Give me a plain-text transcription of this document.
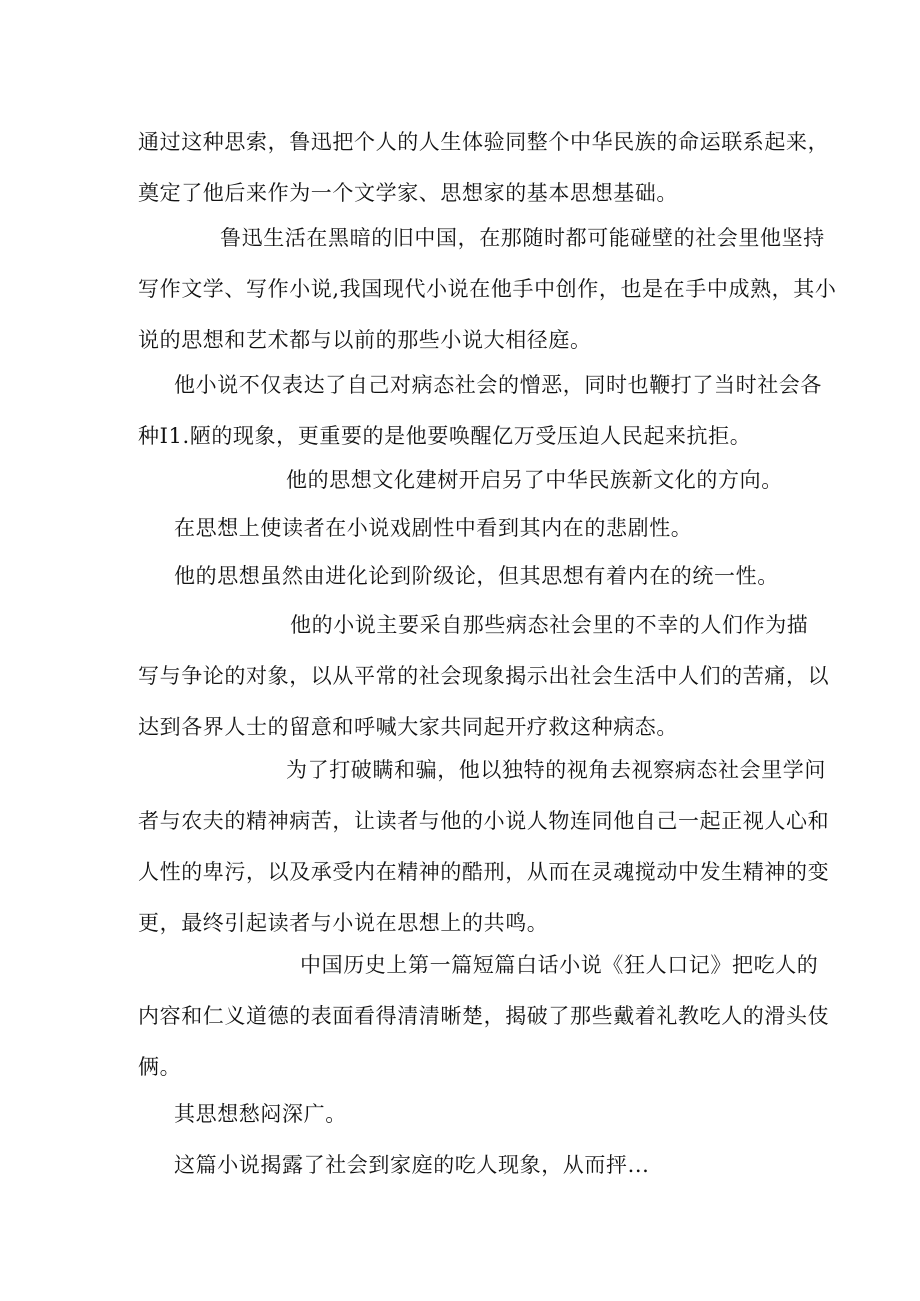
通过这种思索，鲁迅把个人的人生体验同整个中华民族的命运联系起来，
奠定了他后来作为一个文学家、思想家的基本思想基础。

鲁迅生活在黑暗的旧中国，在那随时都可能碰壁的社会里他坚持
写作文学、写作小说,我国现代小说在他手中创作，也是在手中成熟，其小
说的思想和艺术都与以前的那些小说大相径庭。

他小说不仅表达了自己对病态社会的憎恶，同时也鞭打了当时社会各
种I1.陋的现象，更重要的是他要唤醒亿万受压迫人民起来抗拒。

他的思想文化建树开启另了中华民族新文化的方向。

在思想上使读者在小说戏剧性中看到其内在的悲剧性。

他的思想虽然由进化论到阶级论，但其思想有着内在的统一性。

他的小说主要采自那些病态社会里的不幸的人们作为描
写与争论的对象，以从平常的社会现象揭示出社会生活中人们的苦痛，以
达到各界人士的留意和呼喊大家共同起开疗救这种病态。

为了打破瞒和骗，他以独特的视角去视察病态社会里学问
者与农夫的精神病苦，让读者与他的小说人物连同他自己一起正视人心和
人性的卑污，以及承受内在精神的酷刑，从而在灵魂搅动中发生精神的变
更，最终引起读者与小说在思想上的共鸣。

中国历史上第一篇短篇白话小说《狂人口记》把吃人的
内容和仁义道德的表面看得清清晰楚，揭破了那些戴着礼教吃人的滑头伎
俩。

其思想愁闷深广。

这篇小说揭露了社会到家庭的吃人现象，从而抨...
